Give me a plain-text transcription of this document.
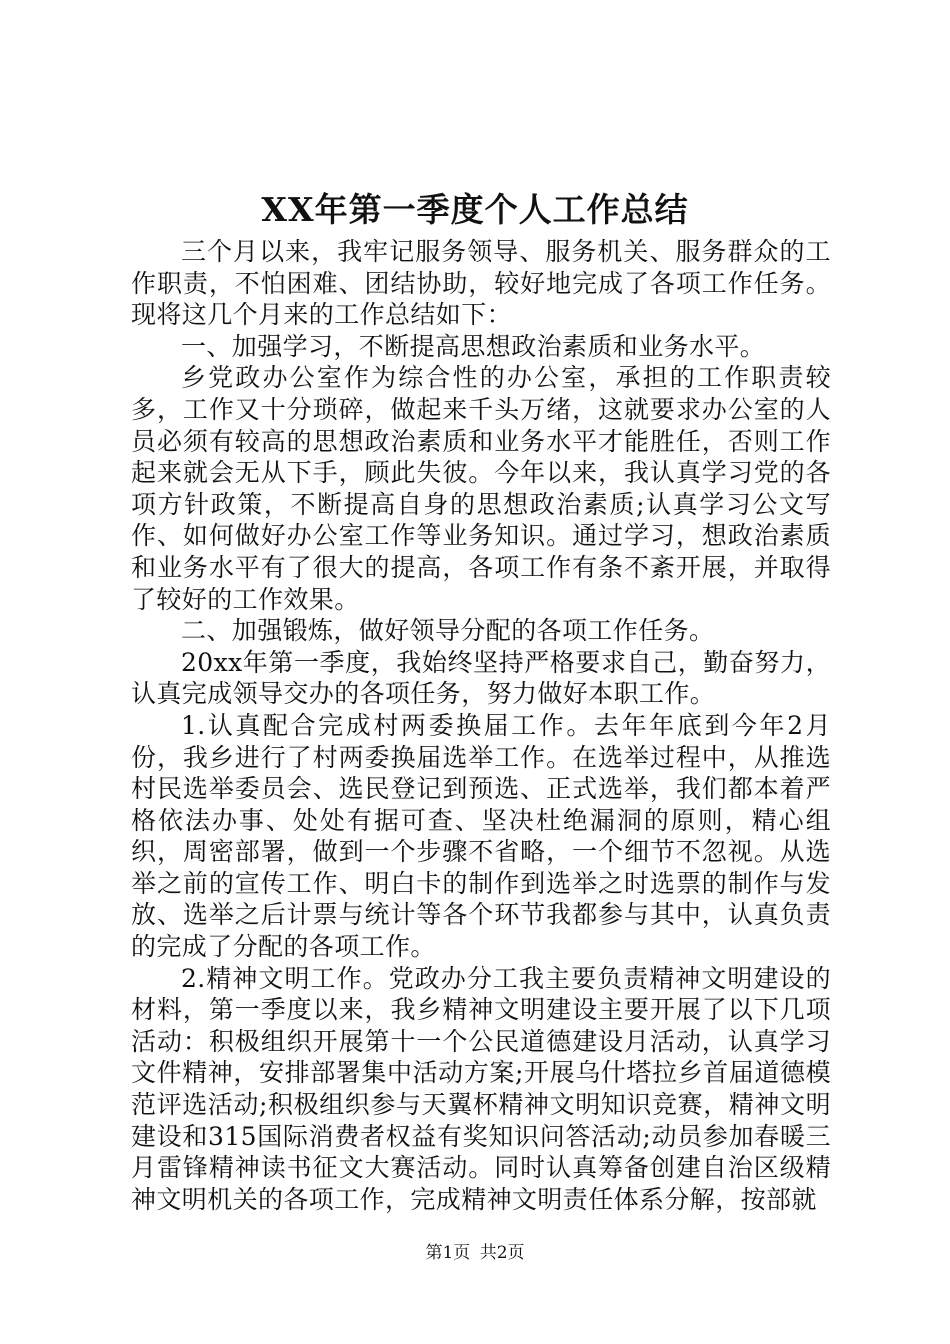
XX年第一季度个人工作总结

三个月以来，我牢记服务领导、服务机关、服务群众的工作职责，不怕困难、团结协助，较好地完成了各项工作任务。现将这几个月来的工作总结如下：

一、加强学习，不断提高思想政治素质和业务水平。

乡党政办公室作为综合性的办公室，承担的工作职责较多，工作又十分琐碎，做起来千头万绪，这就要求办公室的人员必须有较高的思想政治素质和业务水平才能胜任，否则工作起来就会无从下手，顾此失彼。今年以来，我认真学习党的各项方针政策，不断提高自身的思想政治素质;认真学习公文写作、如何做好办公室工作等业务知识。通过学习，想政治素质和业务水平有了很大的提高，各项工作有条不紊开展，并取得了较好的工作效果。

二、加强锻炼，做好领导分配的各项工作任务。

20xx年第一季度，我始终坚持严格要求自己，勤奋努力，认真完成领导交办的各项任务，努力做好本职工作。

1.认真配合完成村两委换届工作。去年年底到今年2月份，我乡进行了村两委换届选举工作。在选举过程中，从推选村民选举委员会、选民登记到预选、正式选举，我们都本着严格依法办事、处处有据可查、坚决杜绝漏洞的原则，精心组织，周密部署，做到一个步骤不省略，一个细节不忽视。从选举之前的宣传工作、明白卡的制作到选举之时选票的制作与发放、选举之后计票与统计等各个环节我都参与其中，认真负责的完成了分配的各项工作。

2.精神文明工作。党政办分工我主要负责精神文明建设的材料，第一季度以来，我乡精神文明建设主要开展了以下几项活动：积极组织开展第十一个公民道德建设月活动，认真学习文件精神，安排部署集中活动方案;开展乌什塔拉乡首届道德模范评选活动;积极组织参与天翼杯精神文明知识竞赛，精神文明建设和315国际消费者权益有奖知识问答活动;动员参加春暖三月雷锋精神读书征文大赛活动。同时认真筹备创建自治区级精神文明机关的各项工作，完成精神文明责任体系分解，按部就

第1页 共2页
